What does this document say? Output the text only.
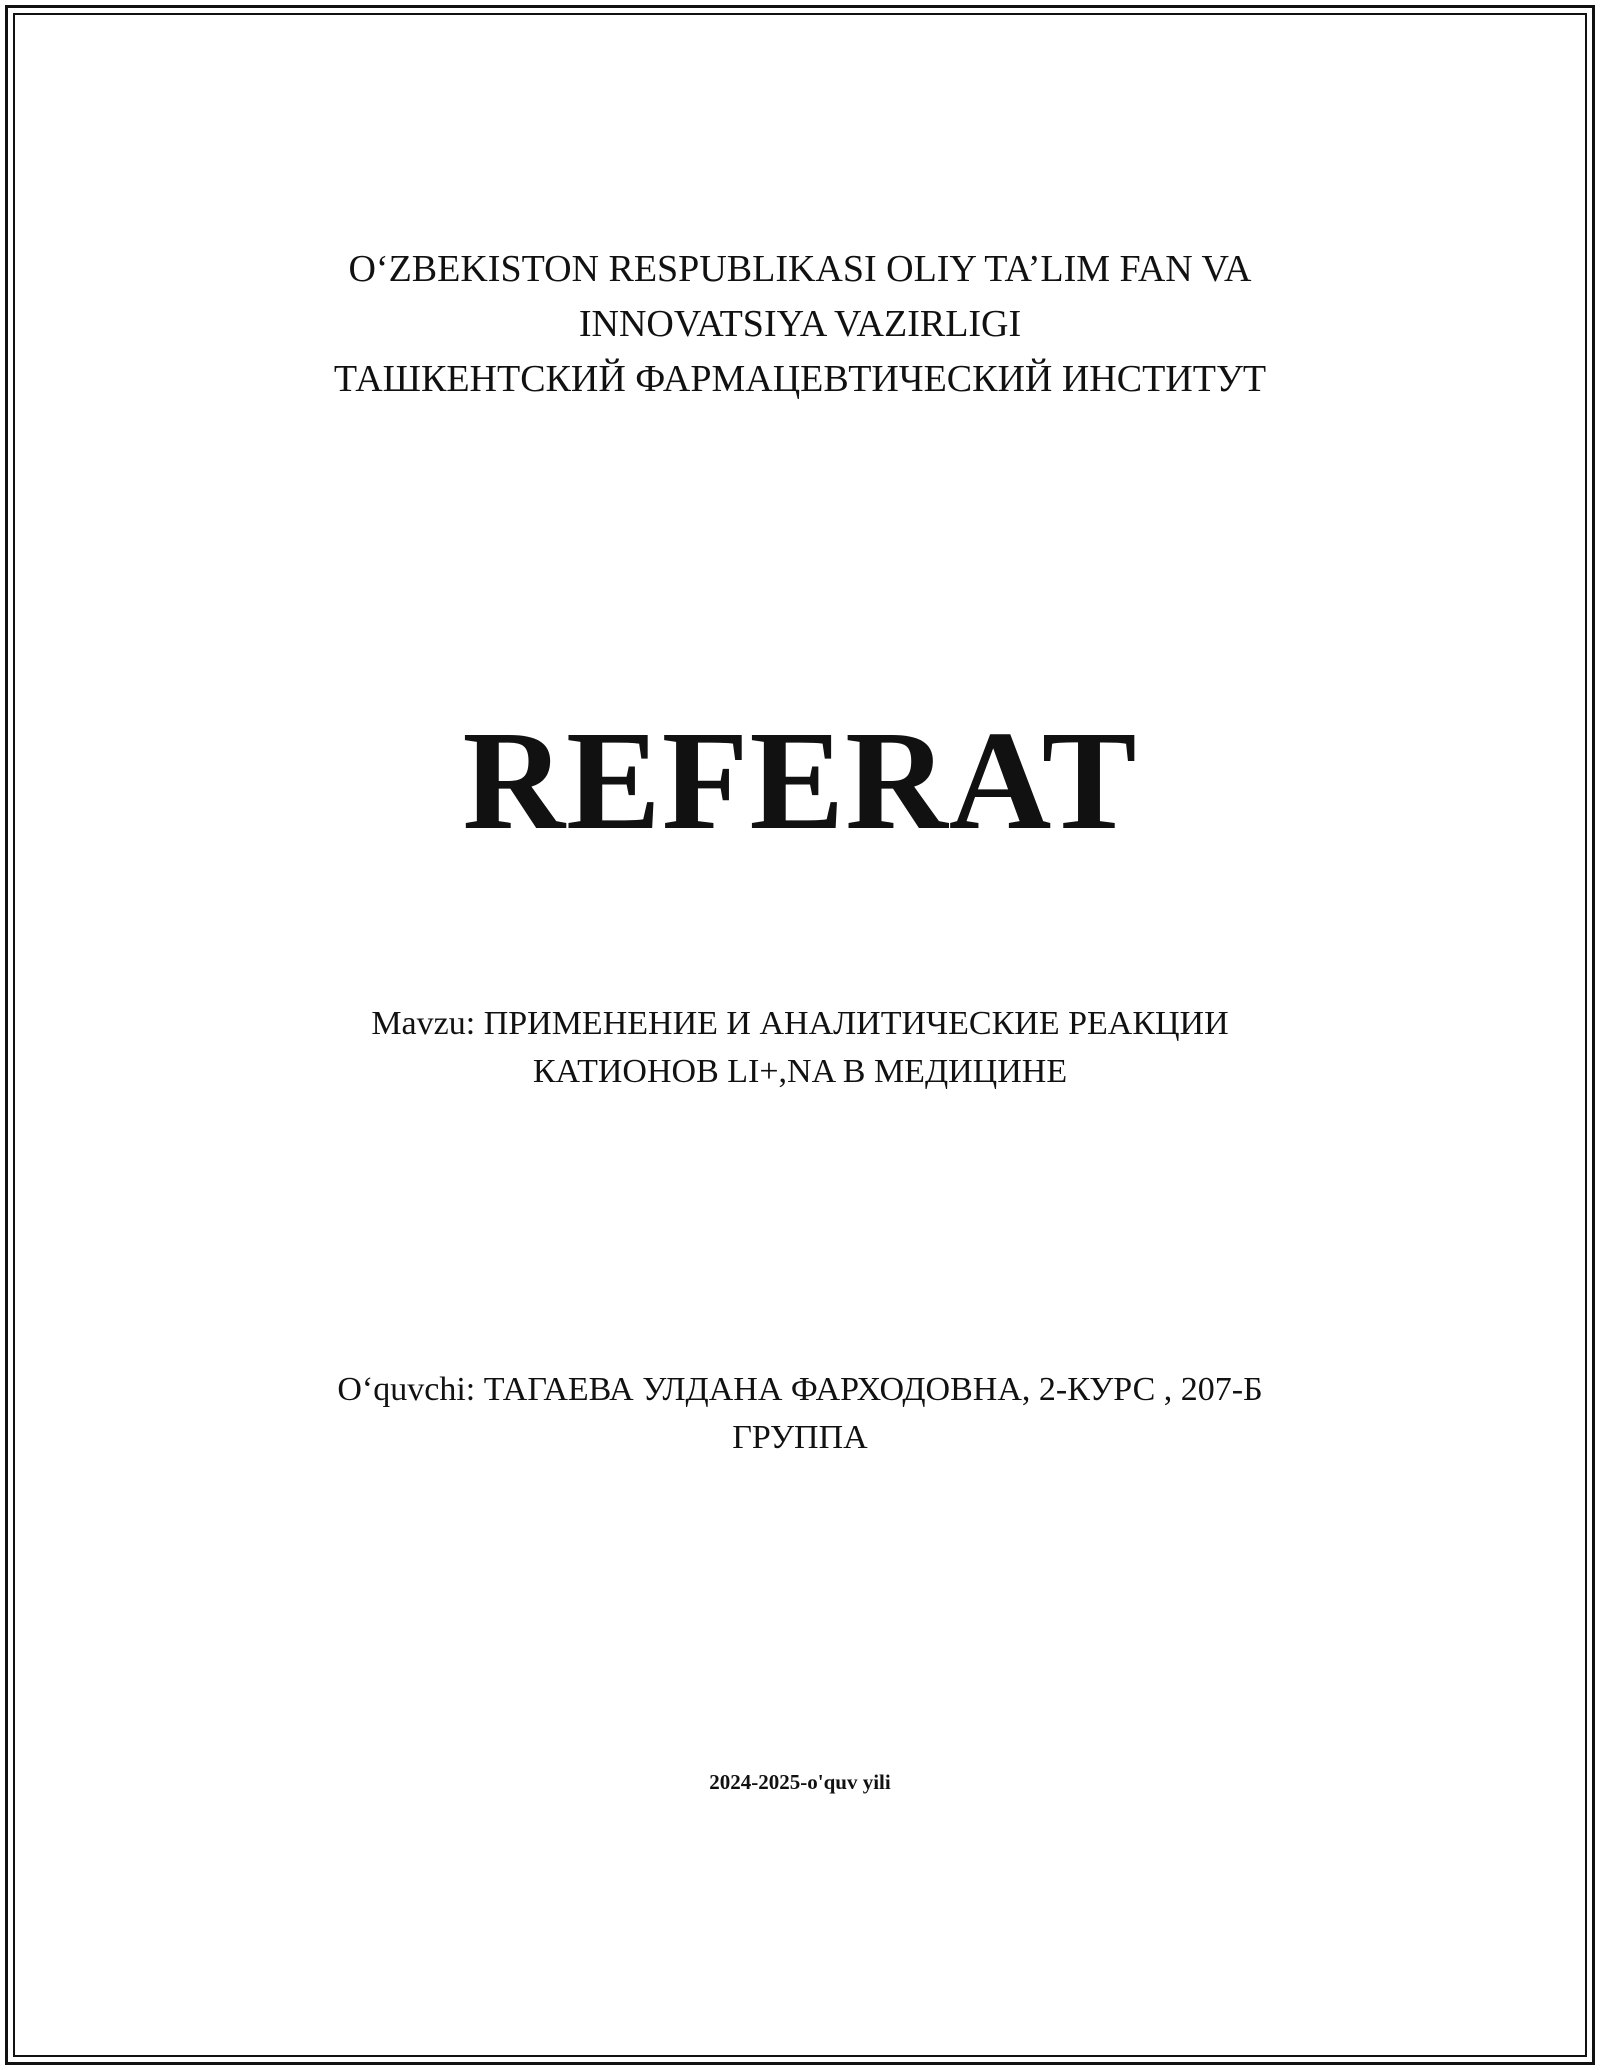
O‘ZBEKISTON RESPUBLIKASI OLIY TA’LIM FAN VA
INNOVATSIYA VAZIRLIGI
ТАШКЕНТСКИЙ ФАРМАЦЕВТИЧЕСКИЙ ИНСТИТУТ
REFERAT
Mavzu: ПРИМЕНЕНИЕ И АНАЛИТИЧЕСКИЕ РЕАКЦИИ
КАТИОНОВ LI+,NA В МЕДИЦИНЕ
O‘quvchi: ТАГАЕВА УЛДАНА ФАРХОДОВНА, 2-КУРС , 207-Б
ГРУППА
2024-2025-o'quv yili
